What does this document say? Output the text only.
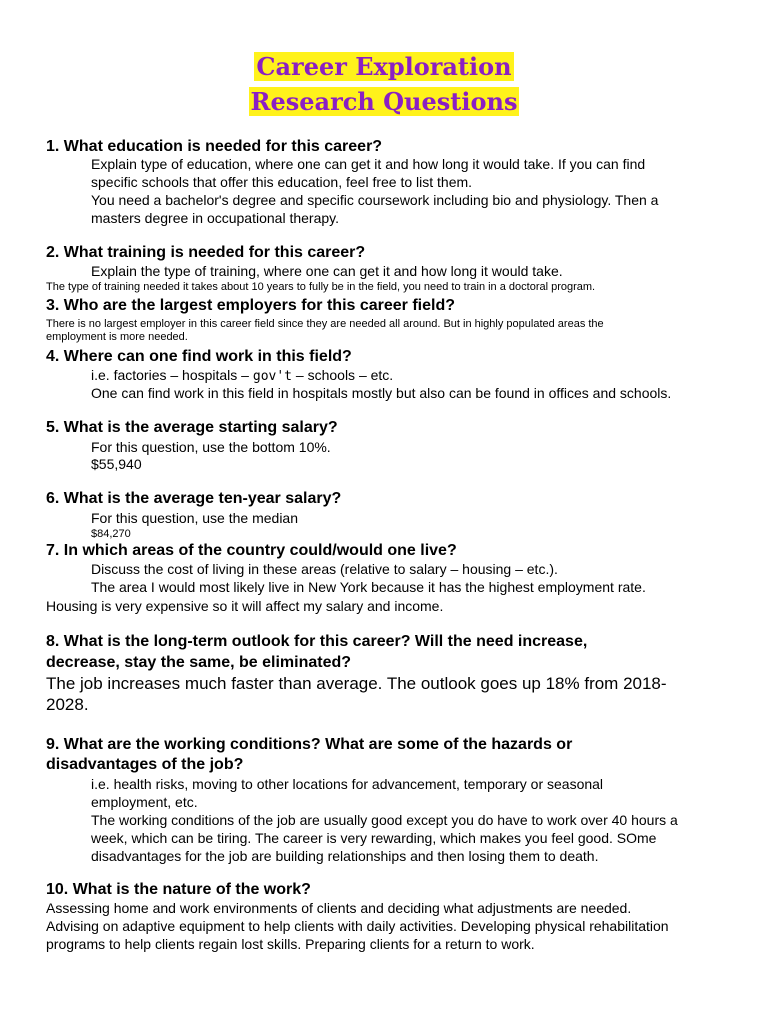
Career Exploration
Research Questions
1. What education is needed for this career?
Explain type of education, where one can get it and how long it would take. If you can find
specific schools that offer this education, feel free to list them.
You need a bachelor's degree and specific coursework including bio and physiology. Then a
masters degree in occupational therapy.
2. What training is needed for this career?
Explain the type of training, where one can get it and how long it would take.
The type of training needed it takes about 10 years to fully be in the field, you need to train in a doctoral program.
3. Who are the largest employers for this career field?
There is no largest employer in this career field since they are needed all around. But in highly populated areas the
employment is more needed.
4. Where can one find work in this field?
i.e. factories – hospitals – gov't – schools – etc.
One can find work in this field in hospitals mostly but also can be found in offices and schools.
5. What is the average starting salary?
For this question, use the bottom 10%.
$55,940
6. What is the average ten-year salary?
For this question, use the median
$84,270
7. In which areas of the country could/would one live?
Discuss the cost of living in these areas (relative to salary – housing – etc.).
The area I would most likely live in New York because it has the highest employment rate.
Housing is very expensive so it will affect my salary and income.
8. What is the long-term outlook for this career? Will the need increase,
decrease, stay the same, be eliminated?
The job increases much faster than average. The outlook goes up 18% from 2018-
2028.
9. What are the working conditions? What are some of the hazards or
disadvantages of the job?
i.e. health risks, moving to other locations for advancement, temporary or seasonal
employment, etc.
The working conditions of the job are usually good except you do have to work over 40 hours a
week, which can be tiring. The career is very rewarding, which makes you feel good. SOme
disadvantages for the job are building relationships and then losing them to death.
10. What is the nature of the work?
Assessing home and work environments of clients and deciding what adjustments are needed.
Advising on adaptive equipment to help clients with daily activities. Developing physical rehabilitation
programs to help clients regain lost skills. Preparing clients for a return to work.
